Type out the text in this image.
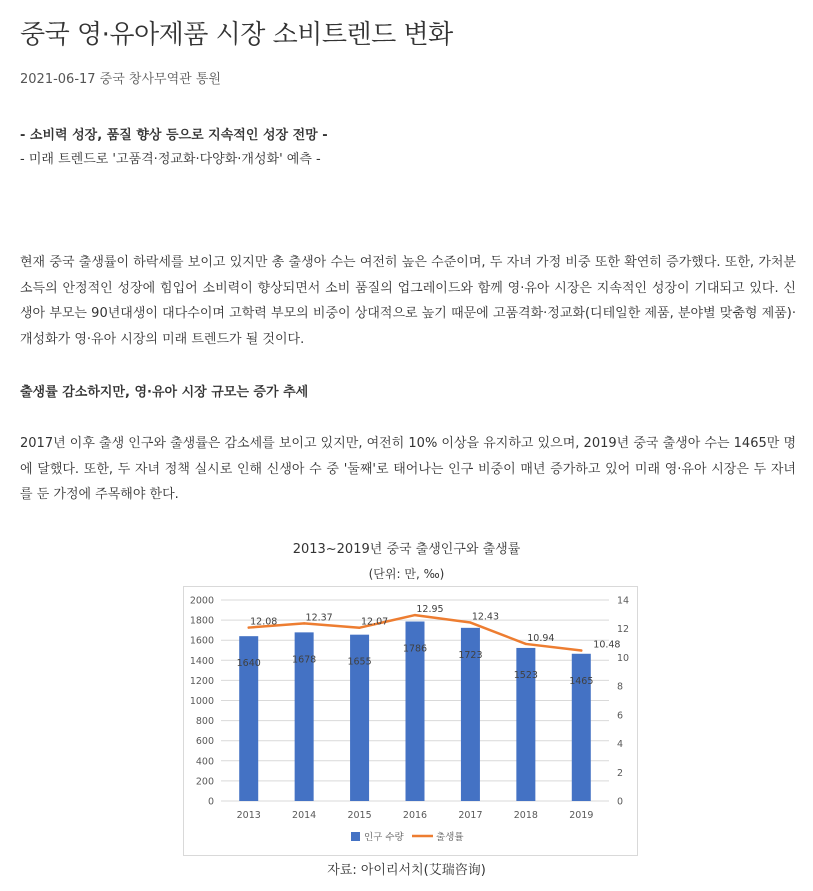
중국 영·유아제품 시장 소비트렌드 변화
2021-06-17 중국 창사무역관 통원
- 소비력 성장, 품질 향상 등으로 지속적인 성장 전망 -
- 미래 트렌드로 '고품격·정교화·다양화·개성화' 예측 -

현재 중국 출생률이 하락세를 보이고 있지만 총 출생아 수는 여전히 높은 수준이며, 두 자녀 가정 비중 또한 확연히 증가했다. 또한, 가처분소득의 안정적인 성장에 힘입어 소비력이 향상되면서 소비 품질의 업그레이드와 함께 영·유아 시장은 지속적인 성장이 기대되고 있다. 신생아 부모는 90년대생이 대다수이며 고학력 부모의 비중이 상대적으로 높기 때문에 고품격화·정교화(디테일한 제품, 분야별 맞춤형 제품)·개성화가 영·유아 시장의 미래 트렌드가 될 것이다.

출생률 감소하지만, 영·유아 시장 규모는 증가 추세

2017년 이후 출생 인구와 출생률은 감소세를 보이고 있지만, 여전히 10% 이상을 유지하고 있으며, 2019년 중국 출생아 수는 1465만 명에 달했다. 또한, 두 자녀 정책 실시로 인해 신생아 수 중 '둘째'로 태어나는 인구 비중이 매년 증가하고 있어 미래 영·유아 시장은 두 자녀를 둔 가정에 주목해야 한다.

2013~2019년 중국 출생인구와 출생률
(단위: 만, ‰)
0
200
400
600
800
1000
1200
1400
1600
1800
2000
0
2
4
6
8
10
12
14
2013	2014	2015	2016	2017	2018	2019
1640	1678	1655
1786
1723
1523
1465
12.08	12.37	12.07
12.95
12.43
10.94
10.48
인구 수량	출생률
자료: 아이리서치(艾瑞咨询)
